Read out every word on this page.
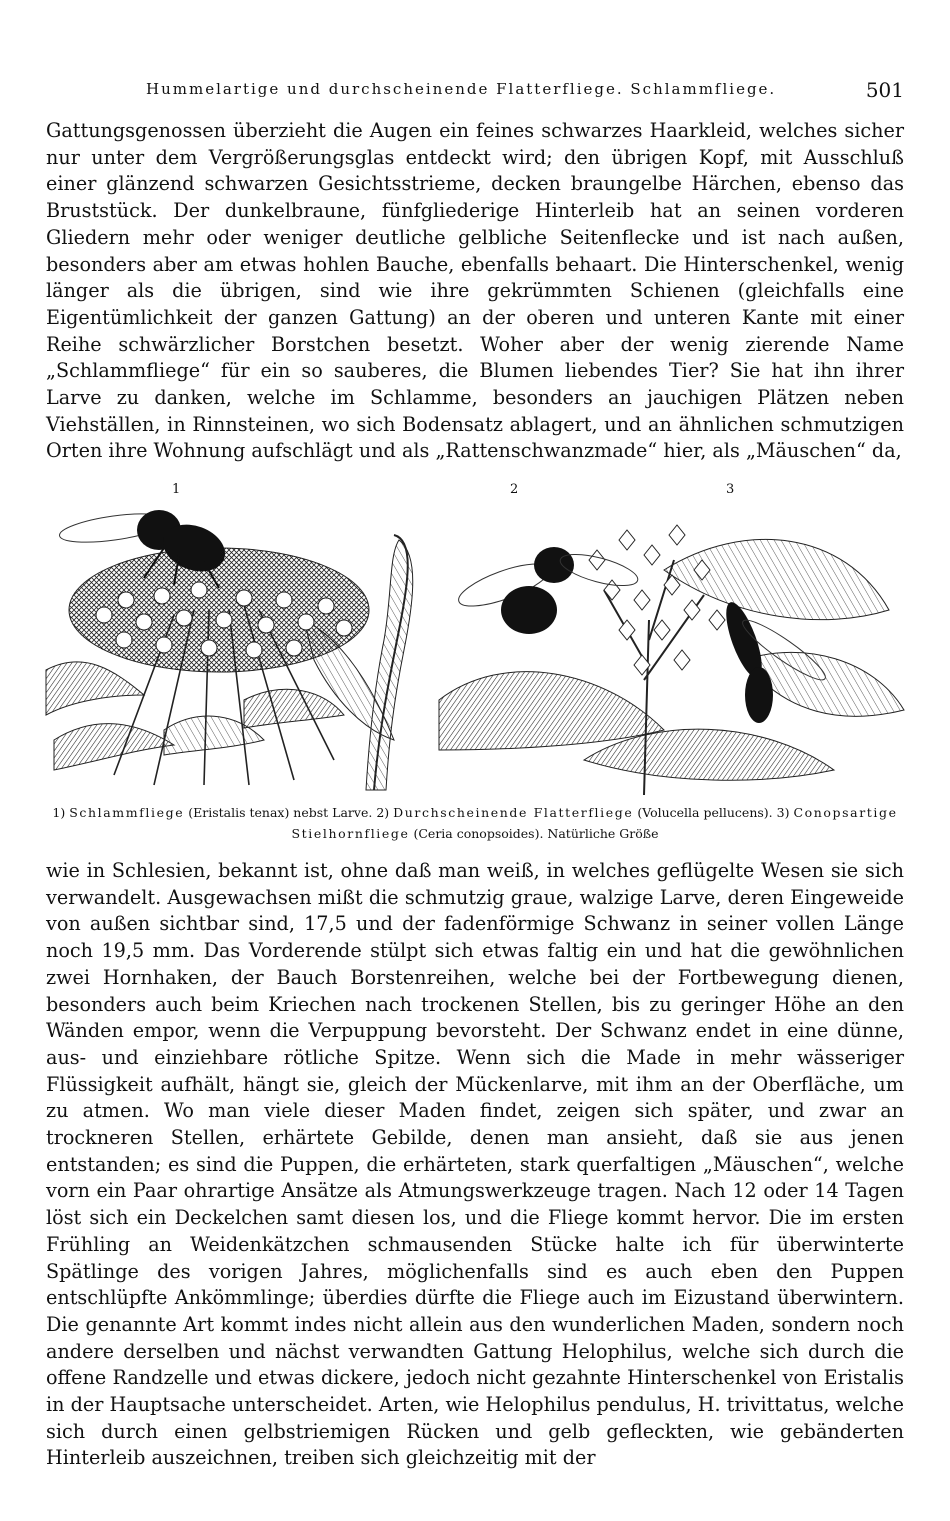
Hummelartige und durchscheinende Flatterfliege. Schlammfliege.	501

Gattungsgenossen überzieht die Augen ein feines schwarzes Haarkleid, welches sicher nur unter dem Vergrößerungsglas entdeckt wird; den übrigen Kopf, mit Ausschluß einer glänzend schwarzen Gesichtsstrieme, decken braungelbe Härchen, ebenso das Bruststück. Der dunkelbraune, fünfgliederige Hinterleib hat an seinen vorderen Gliedern mehr oder weniger deutliche gelbliche Seitenflecke und ist nach außen, besonders aber am etwas hohlen Bauche, ebenfalls behaart. Die Hinterschenkel, wenig länger als die übrigen, sind wie ihre gekrümmten Schienen (gleichfalls eine Eigentümlichkeit der ganzen Gattung) an der oberen und unteren Kante mit einer Reihe schwärzlicher Borstchen besetzt. Woher aber der wenig zierende Name „Schlammfliege“ für ein so sauberes, die Blumen liebendes Tier? Sie hat ihn ihrer Larve zu danken, welche im Schlamme, besonders an jauchigen Plätzen neben Viehställen, in Rinnsteinen, wo sich Bodensatz ablagert, und an ähnlichen schmutzigen Orten ihre Wohnung aufschlägt und als „Rattenschwanzmade“ hier, als „Mäuschen“ da,

1	2	3

1) Schlammfliege (Eristalis tenax) nebst Larve. 2) Durchscheinende Flatterfliege (Volucella pellucens). 3) Conopsartige Stielhornfliege (Ceria conopsoides). Natürliche Größe

wie in Schlesien, bekannt ist, ohne daß man weiß, in welches geflügelte Wesen sie sich verwandelt. Ausgewachsen mißt die schmutzig graue, walzige Larve, deren Eingeweide von außen sichtbar sind, 17,5 und der fadenförmige Schwanz in seiner vollen Länge noch 19,5 mm. Das Vorderende stülpt sich etwas faltig ein und hat die gewöhnlichen zwei Hornhaken, der Bauch Borstenreihen, welche bei der Fortbewegung dienen, besonders auch beim Kriechen nach trockenen Stellen, bis zu geringer Höhe an den Wänden empor, wenn die Verpuppung bevorsteht. Der Schwanz endet in eine dünne, aus- und einziehbare rötliche Spitze. Wenn sich die Made in mehr wässeriger Flüssigkeit aufhält, hängt sie, gleich der Mückenlarve, mit ihm an der Oberfläche, um zu atmen. Wo man viele dieser Maden findet, zeigen sich später, und zwar an trockneren Stellen, erhärtete Gebilde, denen man ansieht, daß sie aus jenen entstanden; es sind die Puppen, die erhärteten, stark querfaltigen „Mäuschen“, welche vorn ein Paar ohrartige Ansätze als Atmungswerkzeuge tragen. Nach 12 oder 14 Tagen löst sich ein Deckelchen samt diesen los, und die Fliege kommt hervor. Die im ersten Frühling an Weidenkätzchen schmausenden Stücke halte ich für überwinterte Spätlinge des vorigen Jahres, möglichenfalls sind es auch eben den Puppen entschlüpfte Ankömmlinge; überdies dürfte die Fliege auch im Eizustand überwintern. Die genannte Art kommt indes nicht allein aus den wunderlichen Maden, sondern noch andere derselben und nächst verwandten Gattung Helophilus, welche sich durch die offene Randzelle und etwas dickere, jedoch nicht gezahnte Hinterschenkel von Eristalis in der Hauptsache unterscheidet. Arten, wie Helophilus pendulus, H. trivittatus, welche sich durch einen gelbstriemigen Rücken und gelb gefleckten, wie gebänderten Hinterleib auszeichnen, treiben sich gleichzeitig mit der
